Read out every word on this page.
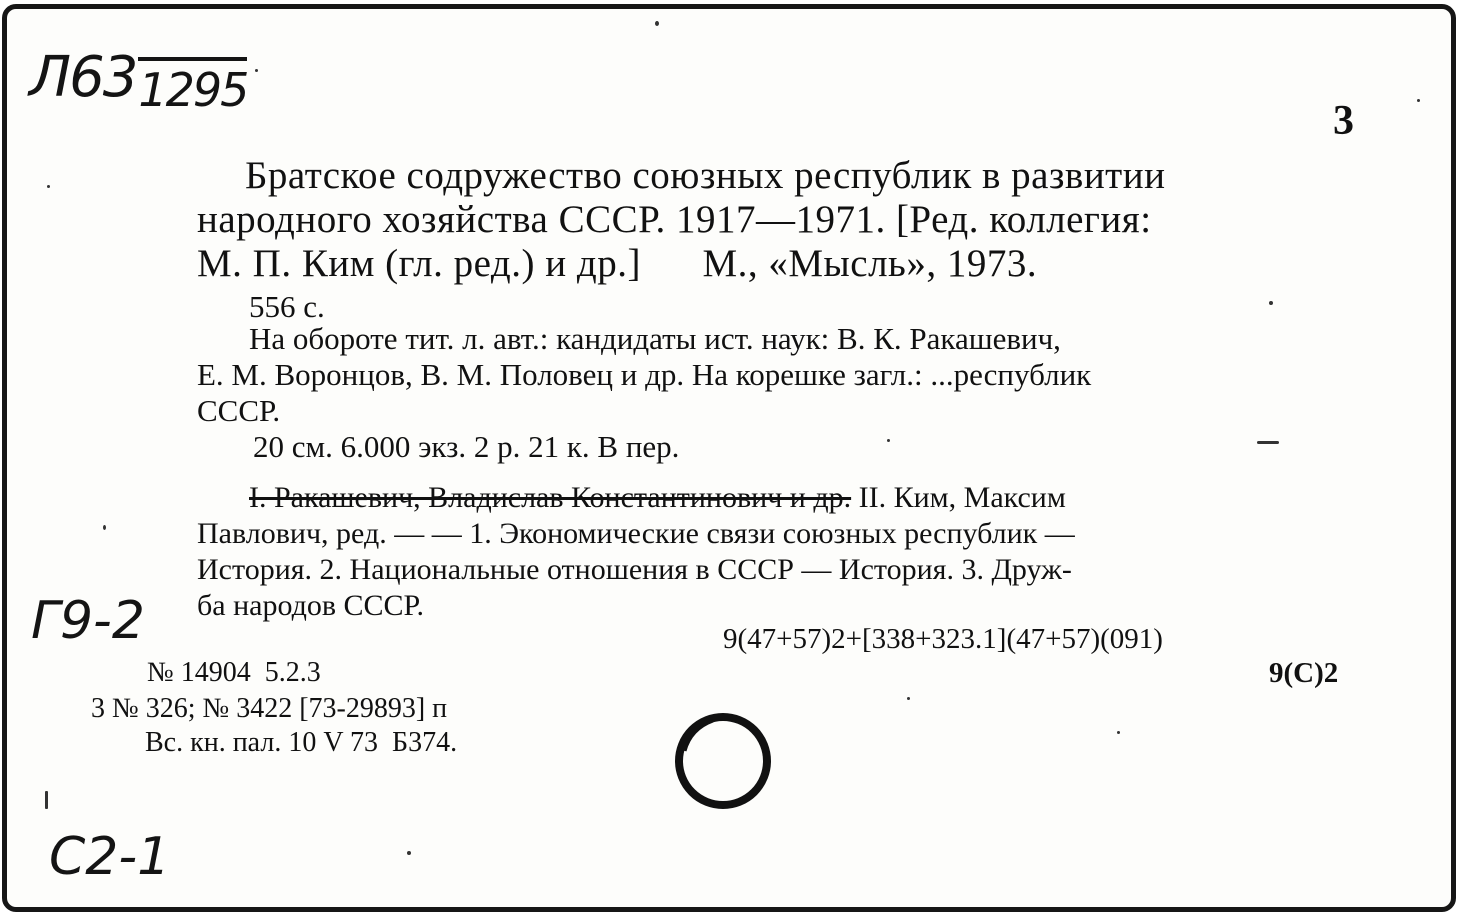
Л631295
3
Братское содружество союзных республик в развитии
народного хозяйства СССР. 1917—1971. [Ред. коллегия:
М. П. Ким (гл. ред.) и др.]      М., «Мысль», 1973.
556 с.
На обороте тит. л. авт.: кандидаты ист. наук: В. К. Ракашевич,
Е. М. Воронцов, В. М. Половец и др. На корешке загл.: ...республик
СССР.
20 см. 6.000 экз. 2 р. 21 к. В пер.
I. Ракашевич, Владислав Константинович и др. II. Ким, Максим
Павлович, ред. — — 1. Экономические связи союзных республик —
История. 2. Национальные отношения в СССР — История. 3. Друж-
ба народов СССР.
Г9-2	9(47+57)2+[338+323.1](47+57)(091)
9(С)2
№ 14904  5.2.3
3 № 326; № 3422 [73-29893] п
Вс. кн. пал. 10 V 73  Б374.
С2-1
